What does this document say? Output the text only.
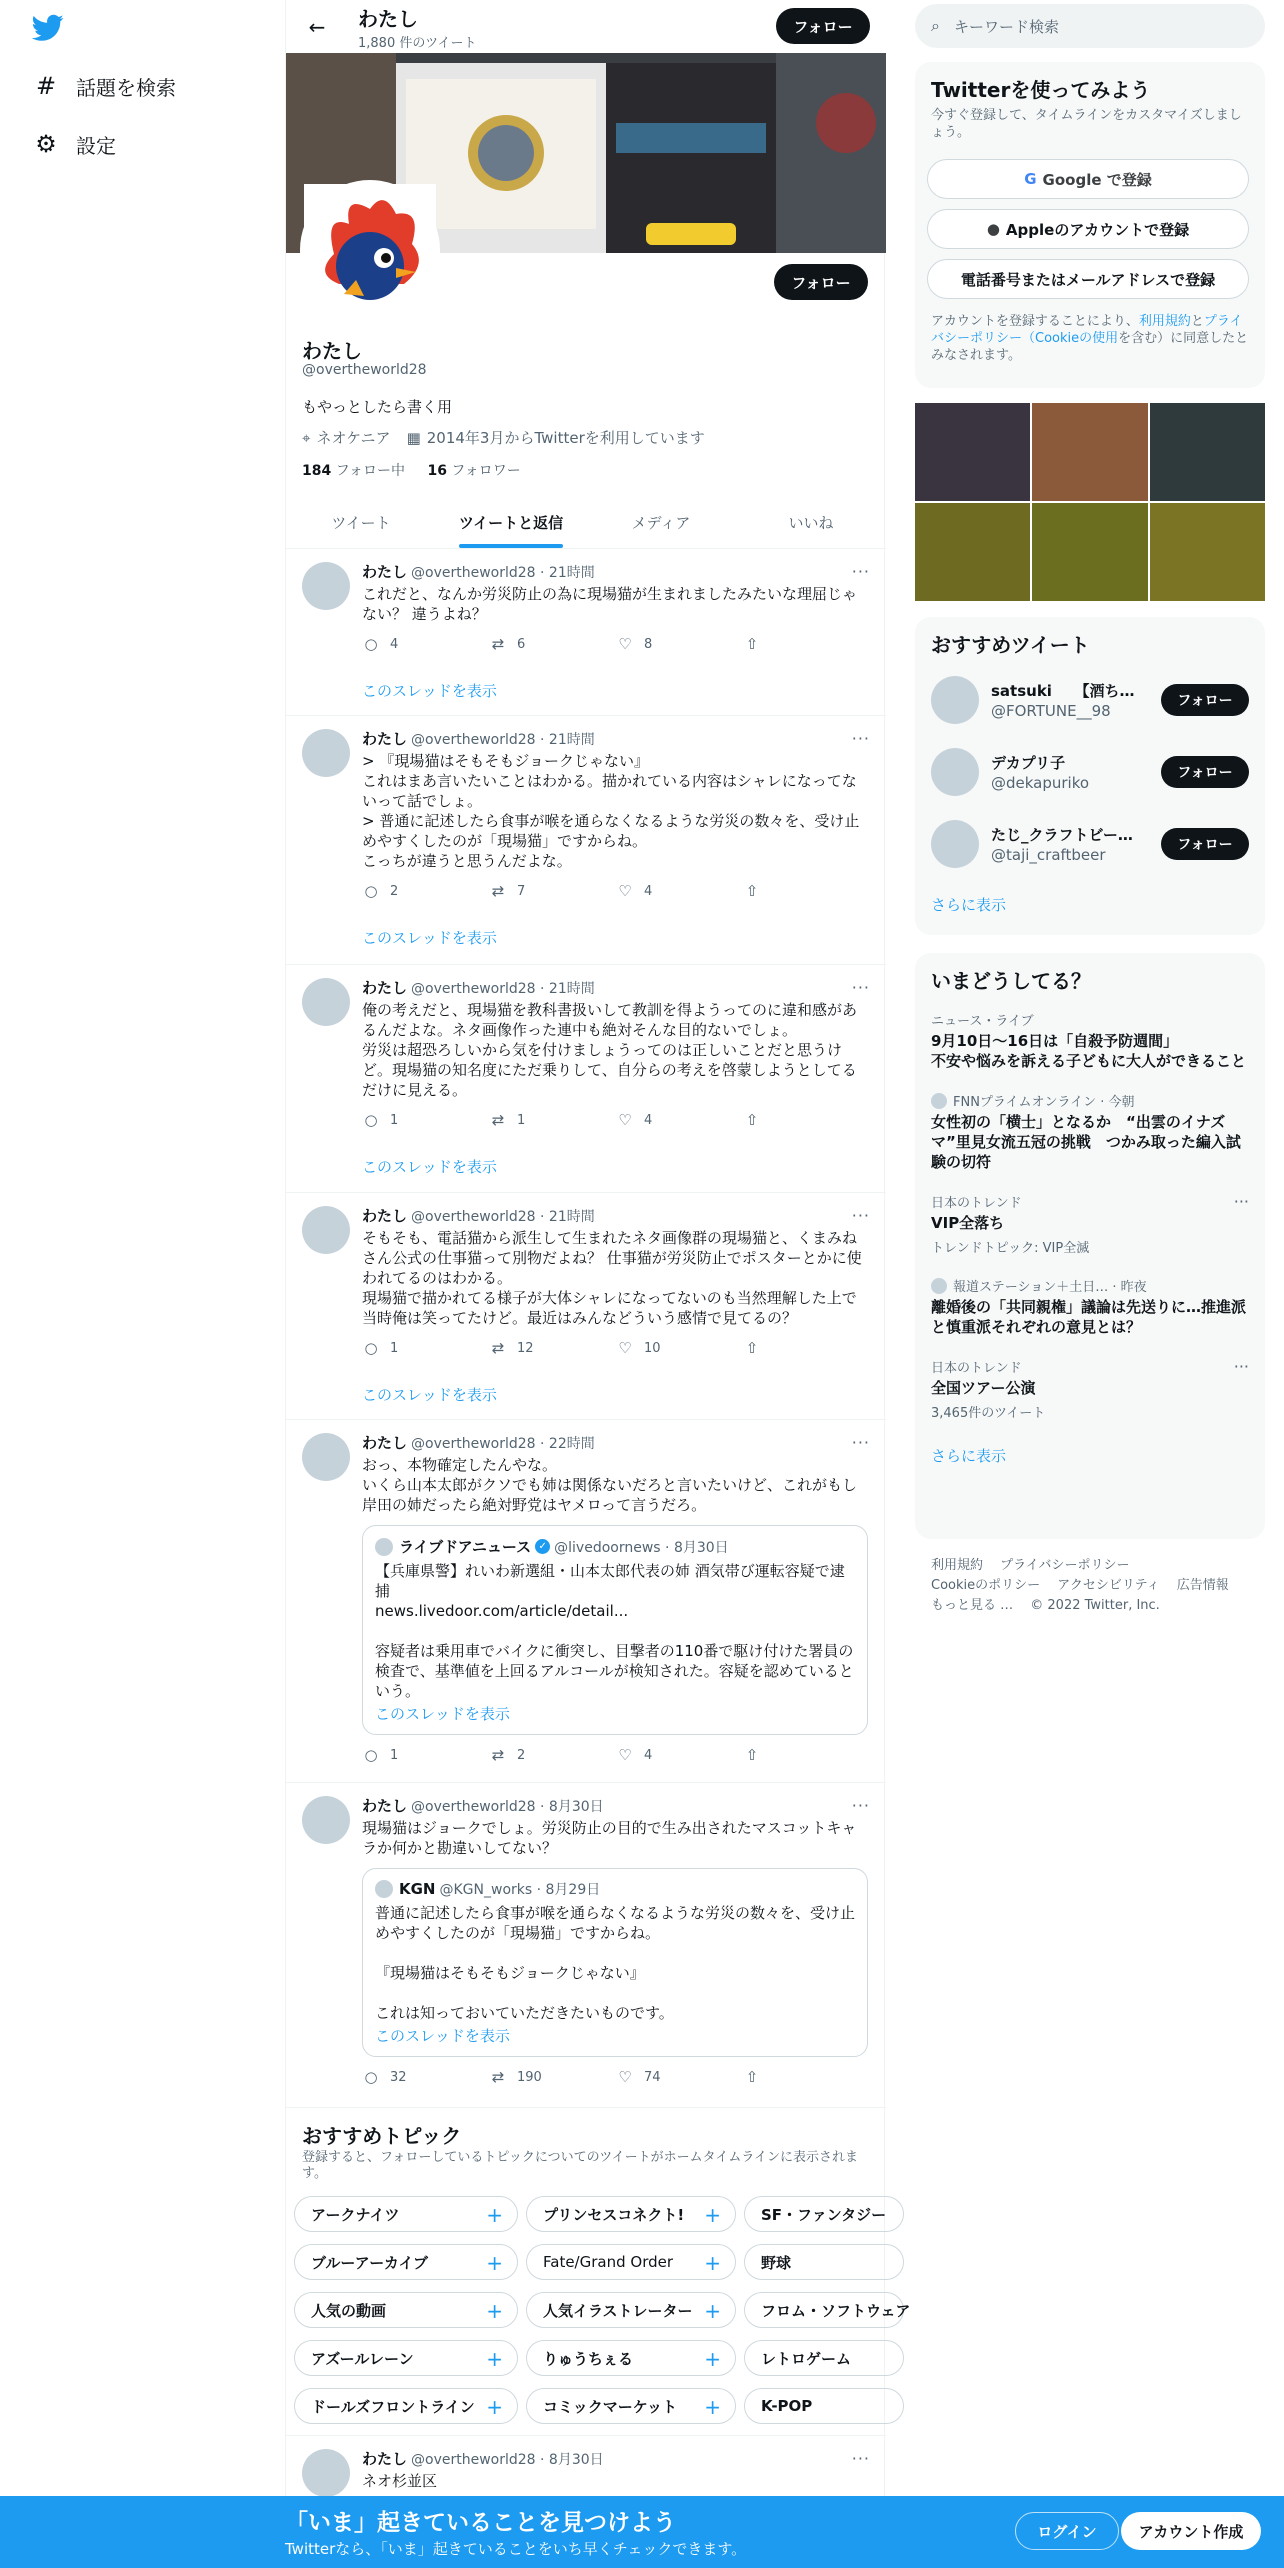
# 話題を検索
⚙ 設定
←	わたし
1,880 件のツイート
フォロー
フォロー
わたし
@overtheworld28
もやっとしたら書く用
⌖ ネオケニア ▦ 2014年3月からTwitterを利用しています
184 フォロー中 16 フォロワー
ツイート	ツイートと返信	メディア	いいね
わたし @overtheworld28 · 21時間	···
これだと、なんか労災防止の為に現場猫が生まれましたみたいな理屈じゃない？ 違うよね？
○ 4	⇄ 6	♡ 8	⇧
このスレッドを表示
わたし @overtheworld28 · 21時間	···
> 『現場猫はそもそもジョークじゃない』
これはまあ言いたいことはわかる。描かれている内容はシャレになってないって話でしょ。
> 普通に記述したら食事が喉を通らなくなるような労災の数々を、受け止めやすくしたのが「現場猫」ですからね。
こっちが違うと思うんだよな。
○ 2	⇄ 7	♡ 4	⇧
このスレッドを表示
わたし @overtheworld28 · 21時間	···
俺の考えだと、現場猫を教科書扱いして教訓を得ようってのに違和感があるんだよな。ネタ画像作った連中も絶対そんな目的ないでしょ。
労災は超恐ろしいから気を付けましょうってのは正しいことだと思うけど。現場猫の知名度にただ乗りして、自分らの考えを啓蒙しようとしてるだけに見える。
○ 1	⇄ 1	♡ 4	⇧
このスレッドを表示
わたし @overtheworld28 · 21時間	···
そもそも、電話猫から派生して生まれたネタ画像群の現場猫と、くまみねさん公式の仕事猫って別物だよね？ 仕事猫が労災防止でポスターとかに使われてるのはわかる。
現場猫で描かれてる様子が大体シャレになってないのも当然理解した上で当時俺は笑ってたけど。最近はみんなどういう感情で見てるの？
○ 1	⇄ 12	♡ 10	⇧
このスレッドを表示
わたし @overtheworld28 · 22時間	···
おっ、本物確定したんやな。
いくら山本太郎がクソでも姉は関係ないだろと言いたいけど、これがもし岸田の姉だったら絶対野党はヤメロって言うだろ。
ライブドアニュース ✓ @livedoornews · 8月30日
【兵庫県警】れいわ新選組・山本太郎代表の姉 酒気帯び運転容疑で逮捕
news.livedoor.com/article/detail...

容疑者は乗用車でバイクに衝突し、目撃者の110番で駆け付けた署員の検査で、基準値を上回るアルコールが検知された。容疑を認めているという。
このスレッドを表示
○ 1	⇄ 2	♡ 4	⇧
わたし @overtheworld28 · 8月30日	···
現場猫はジョークでしょ。労災防止の目的で生み出されたマスコットキャラか何かと勘違いしてない？
KGN @KGN_works · 8月29日
普通に記述したら食事が喉を通らなくなるような労災の数々を、受け止めやすくしたのが「現場猫」ですからね。

『現場猫はそもそもジョークじゃない』

これは知っておいていただきたいものです。
このスレッドを表示
○ 32	⇄ 190	♡ 74	⇧
おすすめトピック
登録すると、フォローしているトピックについてのツイートがホームタイムラインに表示されます。
アークナイツ	+	プリンセスコネクト! +	SF・ファンタジー
ブルーアーカイブ	+	Fate/Grand Order +	野球
人気の動画	+	人気イラストレーター +	フロム・ソフトウェア
アズールレーン	+	りゅうちぇる	+	レトロゲーム
ドールズフロントライン +	コミックマーケット +	K-POP
わたし @overtheworld28 · 8月30日	···
ネオ杉並区
⌕ キーワード検索
Twitterを使ってみよう
今すぐ登録して、タイムラインをカスタマイズしましょう。
G Google で登録
● Appleのアカウントで登録
電話番号またはメールアドレスで登録
アカウントを登録することにより、利用規約とプライバシーポリシー（Cookieの使用を含む）に同意したとみなされます。
おすすめツイート
satsuki　　【酒ち…
@FORTUNE__98
フォロー
デカプリ子
@dekapuriko
フォロー
たじ_クラフトビー…
@taji_craftbeer
フォロー
さらに表示
いまどうしてる？
ニュース・ライブ
9月10日〜16日は「自殺予防週間」
不安や悩みを訴える子どもに大人ができること
FNNプライムオンライン · 今朝
女性初の「横士」となるか　“出雲のイナズマ”里見女流五冠の挑戦　つかみ取った編入試験の切符
日本のトレンド
VIP全落ち
トレンドトピック: VIP全滅
···
報道ステーション＋土日… · 昨夜
離婚後の「共同親権」議論は先送りに…推進派と慎重派それぞれの意見とは？
日本のトレンド
全国ツアー公演
3,465件のツイート
···
さらに表示
利用規約　 プライバシーポリシー
Cookieのポリシー　 アクセシビリティ　 広告情報
もっと見る …　 © 2022 Twitter, Inc.
「いま」起きていることを見つけよう
Twitterなら、「いま」起きていることをいち早くチェックできます。
ログイン	アカウント作成
